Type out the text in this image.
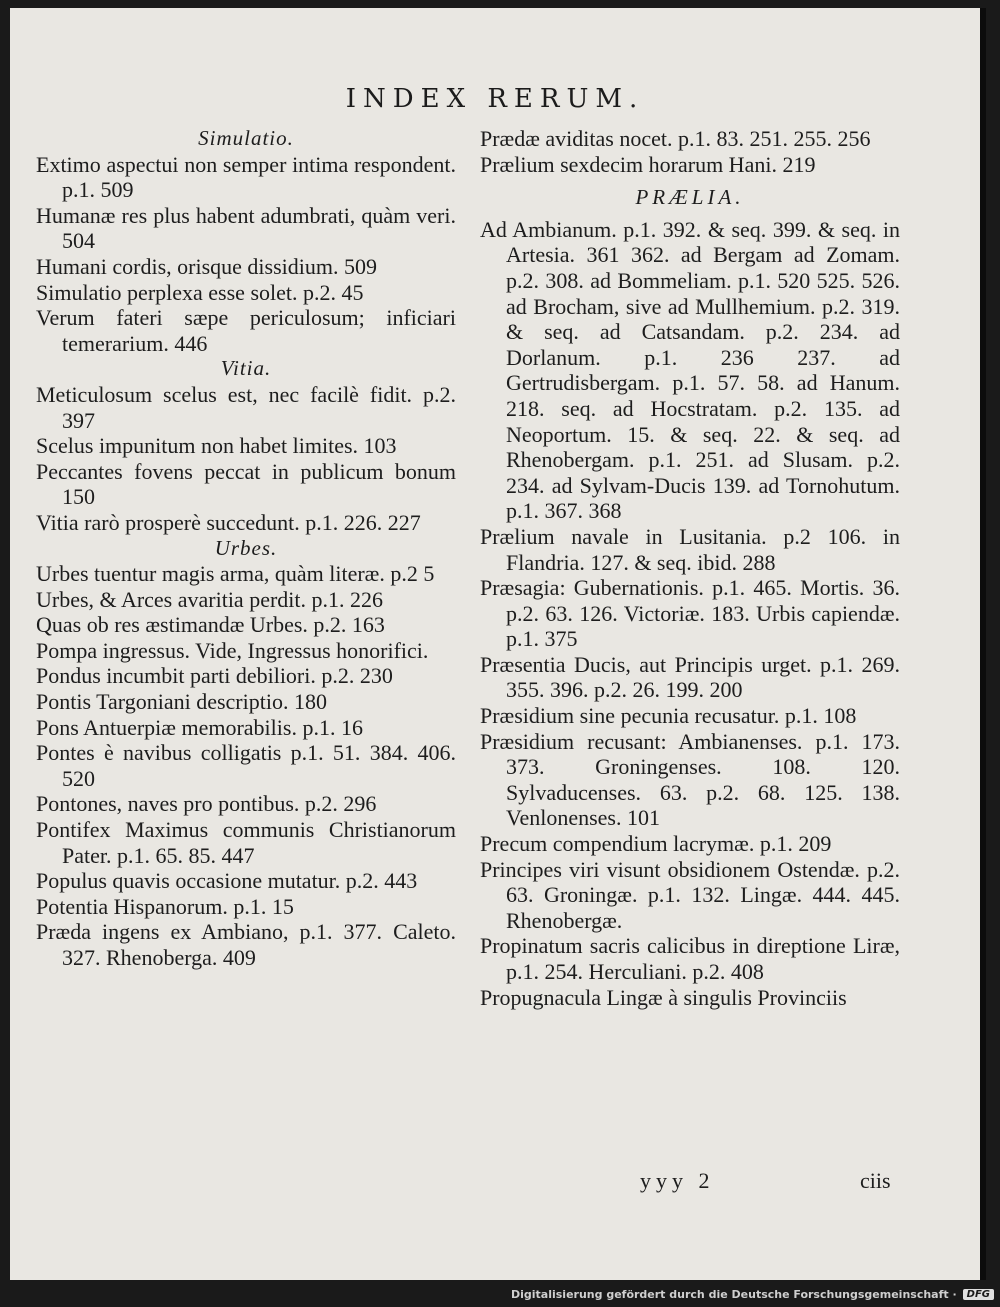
INDEX RERUM.
Simulatio.
Extimo aspectui non semper intima respondent. p.1. 509
Humanæ res plus habent adumbrati, quàm veri. 504
Humani cordis, orisque dissidium. 509
Simulatio perplexa esse solet. p.2. 45
Verum fateri sæpe periculosum; inficiari temerarium. 446
Vitia.
Meticulosum scelus est, nec facilè fidit. p.2. 397
Scelus impunitum non habet limites. 103
Peccantes fovens peccat in publicum bonum 150
Vitia rarò prosperè succedunt. p.1. 226. 227
Urbes.
Urbes tuentur magis arma, quàm literæ. p.2 5
Urbes, & Arces avaritia perdit. p.1. 226
Quas ob res æstimandæ Urbes. p.2. 163
Pompa ingressus. Vide, Ingressus honorifici.
Pondus incumbit parti debiliori. p.2. 230
Pontis Targoniani descriptio. 180
Pons Antuerpiæ memorabilis. p.1. 16
Pontes è navibus colligatis p.1. 51. 384. 406. 520
Pontones, naves pro pontibus. p.2. 296
Pontifex Maximus communis Christianorum Pater. p.1. 65. 85. 447
Populus quavis occasione mutatur. p.2. 443
Potentia Hispanorum. p.1. 15
Præda ingens ex Ambiano, p.1. 377. Caleto. 327. Rhenoberga. 409
Prædæ aviditas nocet. p.1. 83. 251. 255. 256
Prælium sexdecim horarum Hani. 219
PRÆLIA.
Ad Ambianum. p.1. 392. & seq. 399. & seq. in Artesia. 361 362. ad Bergam ad Zomam. p.2. 308. ad Bommeliam. p.1. 520 525. 526. ad Brocham, sive ad Mullhemium. p.2. 319. & seq. ad Catsandam. p.2. 234. ad Dorlanum. p.1. 236 237. ad Gertrudisbergam. p.1. 57. 58. ad Hanum. 218. seq. ad Hocstratam. p.2. 135. ad Neoportum. 15. & seq. 22. & seq. ad Rhenobergam. p.1. 251. ad Slusam. p.2. 234. ad Sylvam-Ducis 139. ad Tornohutum. p.1. 367. 368
Prælium navale in Lusitania. p.2 106. in Flandria. 127. & seq. ibid. 288
Præsagia: Gubernationis. p.1. 465. Mortis. 36. p.2. 63. 126. Victoriæ. 183. Urbis capiendæ. p.1. 375
Præsentia Ducis, aut Principis urget. p.1. 269. 355. 396. p.2. 26. 199. 200
Præsidium sine pecunia recusatur. p.1. 108
Præsidium recusant: Ambianenses. p.1. 173. 373. Groningenses. 108. 120. Sylvaducenses. 63. p.2. 68. 125. 138. Venlonenses. 101
Precum compendium lacrymæ. p.1. 209
Principes viri visunt obsidionem Ostendæ. p.2. 63. Groningæ. p.1. 132. Lingæ. 444. 445. Rhenobergæ.
Propinatum sacris calicibus in direptione Liræ, p.1. 254. Herculiani. p.2. 408
Propugnacula Lingæ à singulis Provinciis
yyy 2	ciis
Digitalisierung gefördert durch die Deutsche Forschungsgemeinschaft ·	DFG
